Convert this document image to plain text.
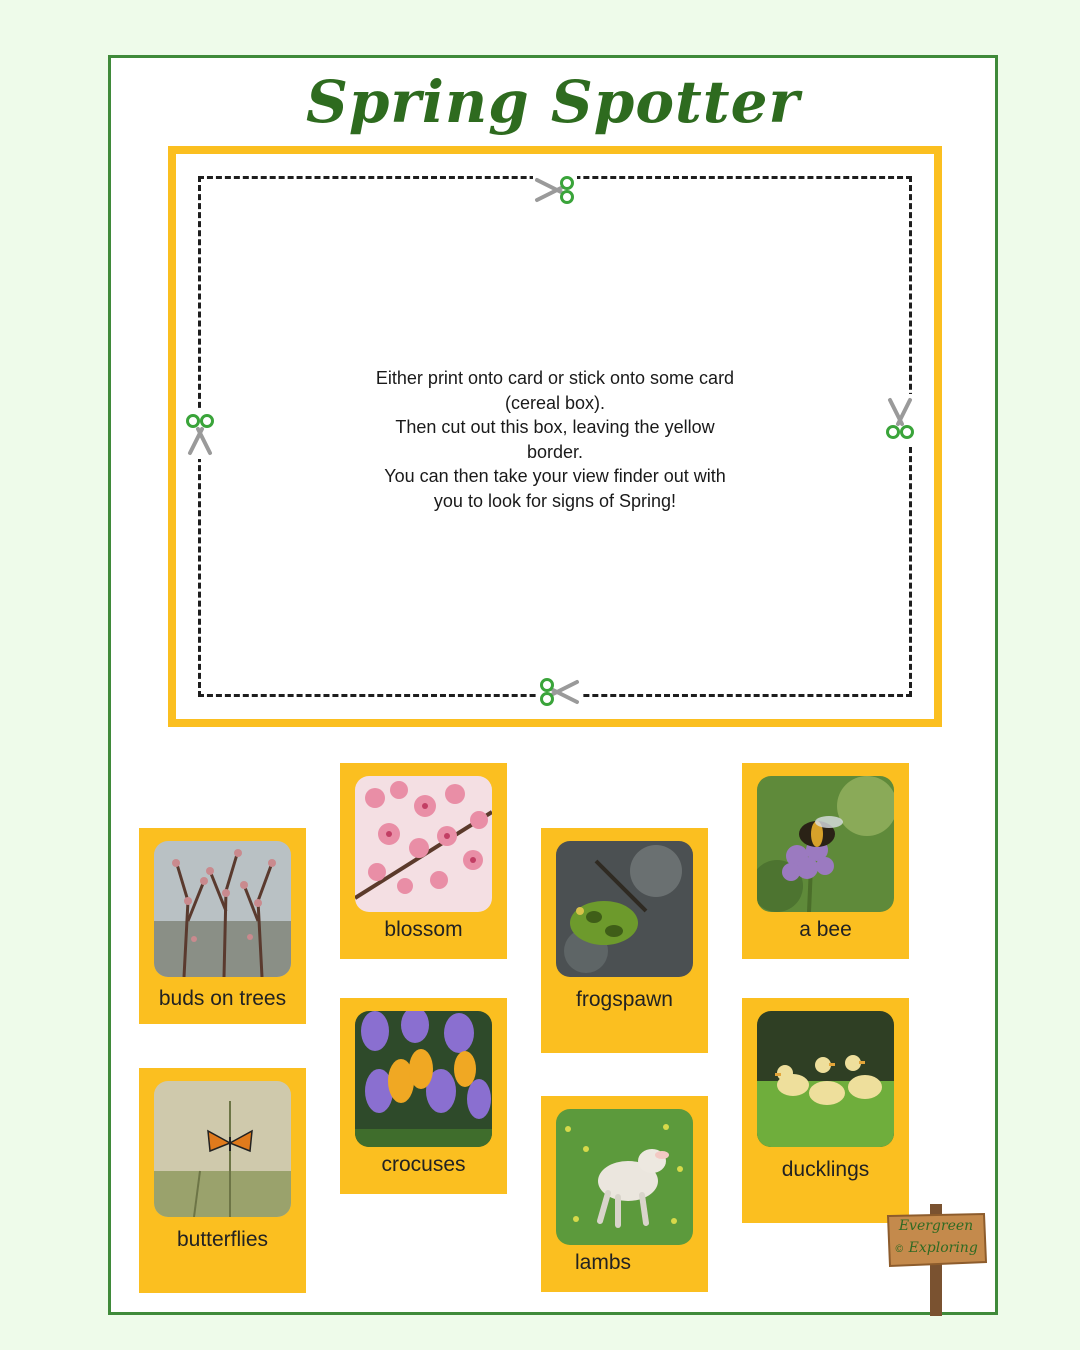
Spring Spotter
Either print onto card or stick onto some card
(cereal box).
Then cut out this box, leaving the yellow
border.
You can then take your view finder out with
you to look for signs of Spring!
buds on trees
blossom
frogspawn
a bee
butterflies
crocuses
lambs
ducklings
Evergreen
© Exploring
